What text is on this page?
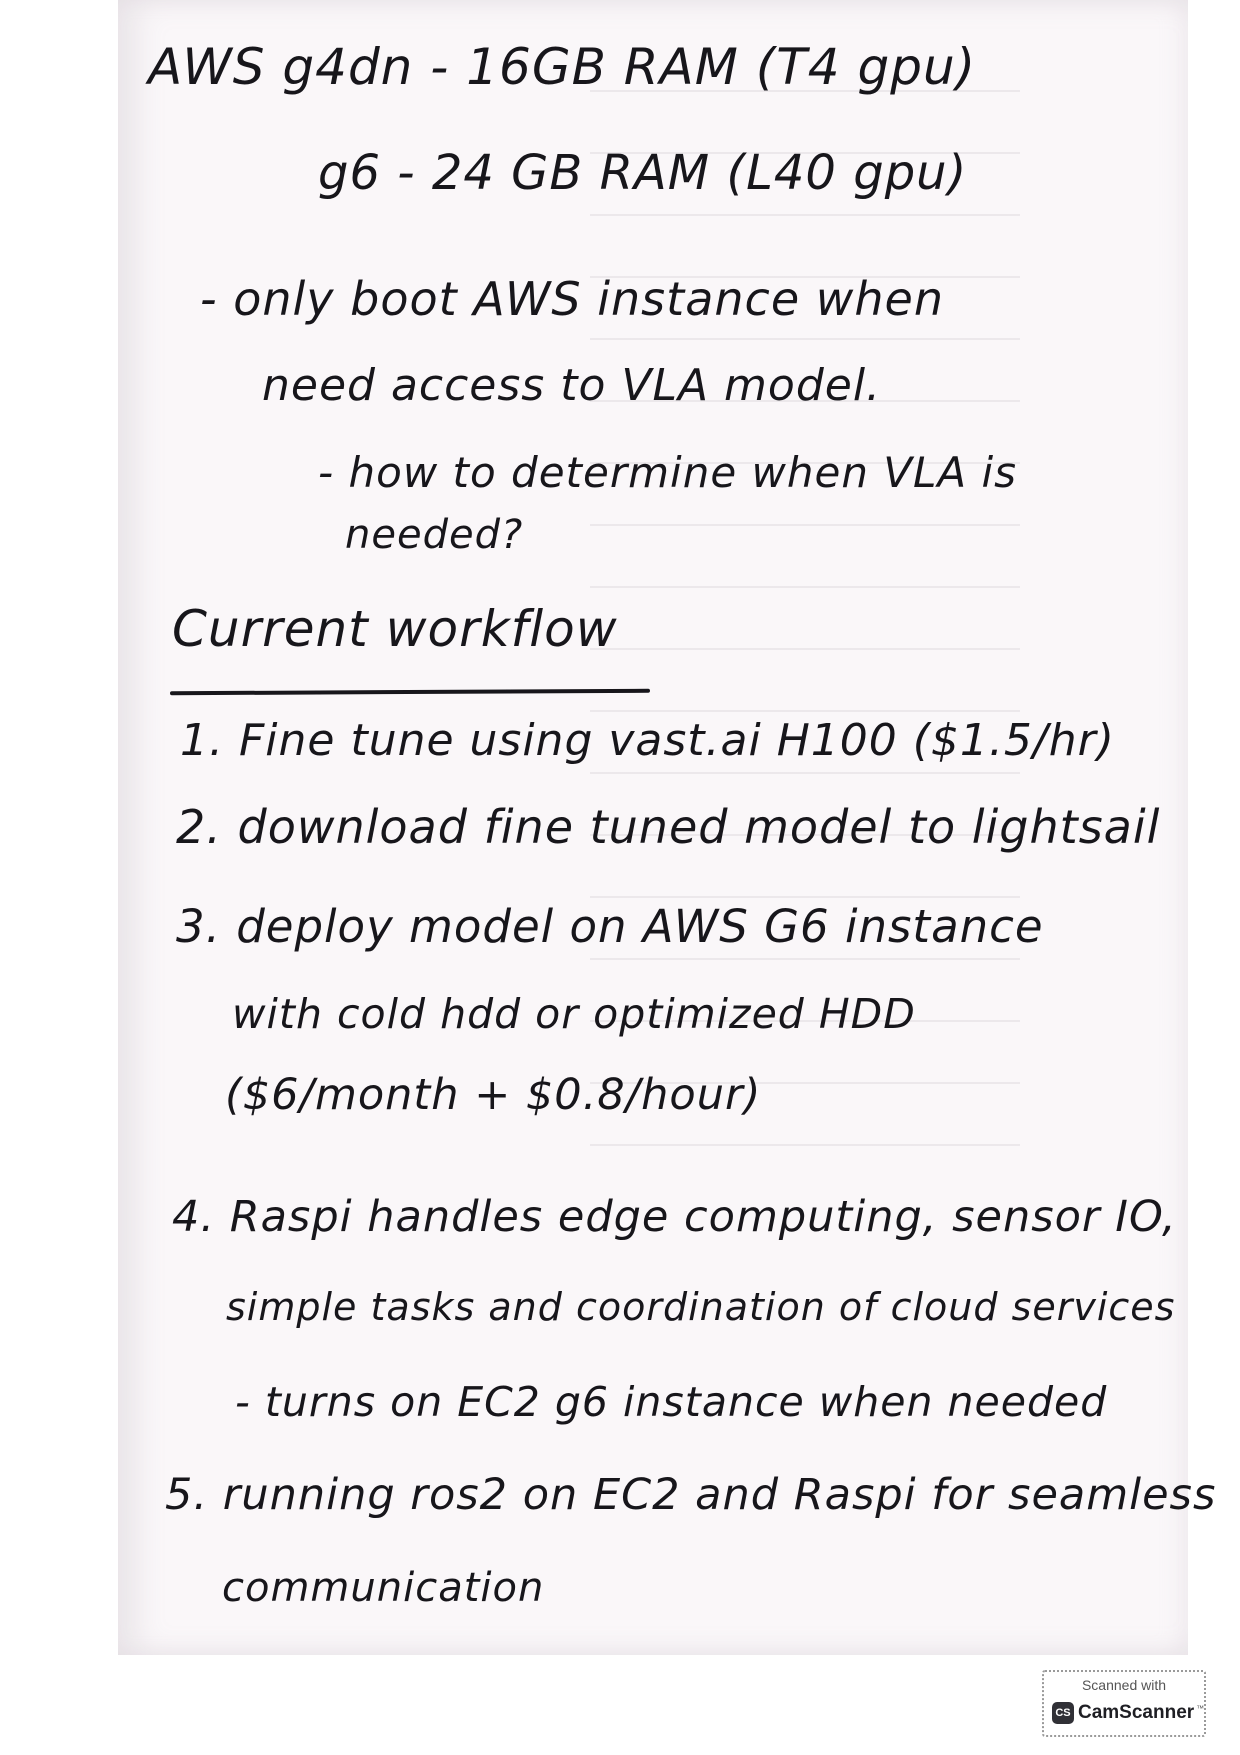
AWS g4dn - 16GB RAM (T4 gpu)
g6 - 24 GB RAM (L40 gpu)
- only boot AWS instance when
need access to VLA model.
- how to determine when VLA is
needed?
Current workflow
1. Fine tune using vast.ai H100 ($1.5/hr)
2. download fine tuned model to lightsail
3. deploy model on AWS G6 instance
with cold hdd or optimized HDD
($6/month + $0.8/hour)
4. Raspi handles edge computing, sensor IO,
simple tasks and coordination of cloud services
- turns on EC2 g6 instance when needed
5. running ros2 on EC2 and Raspi for seamless
communication
Scanned with
CS CamScanner ™
